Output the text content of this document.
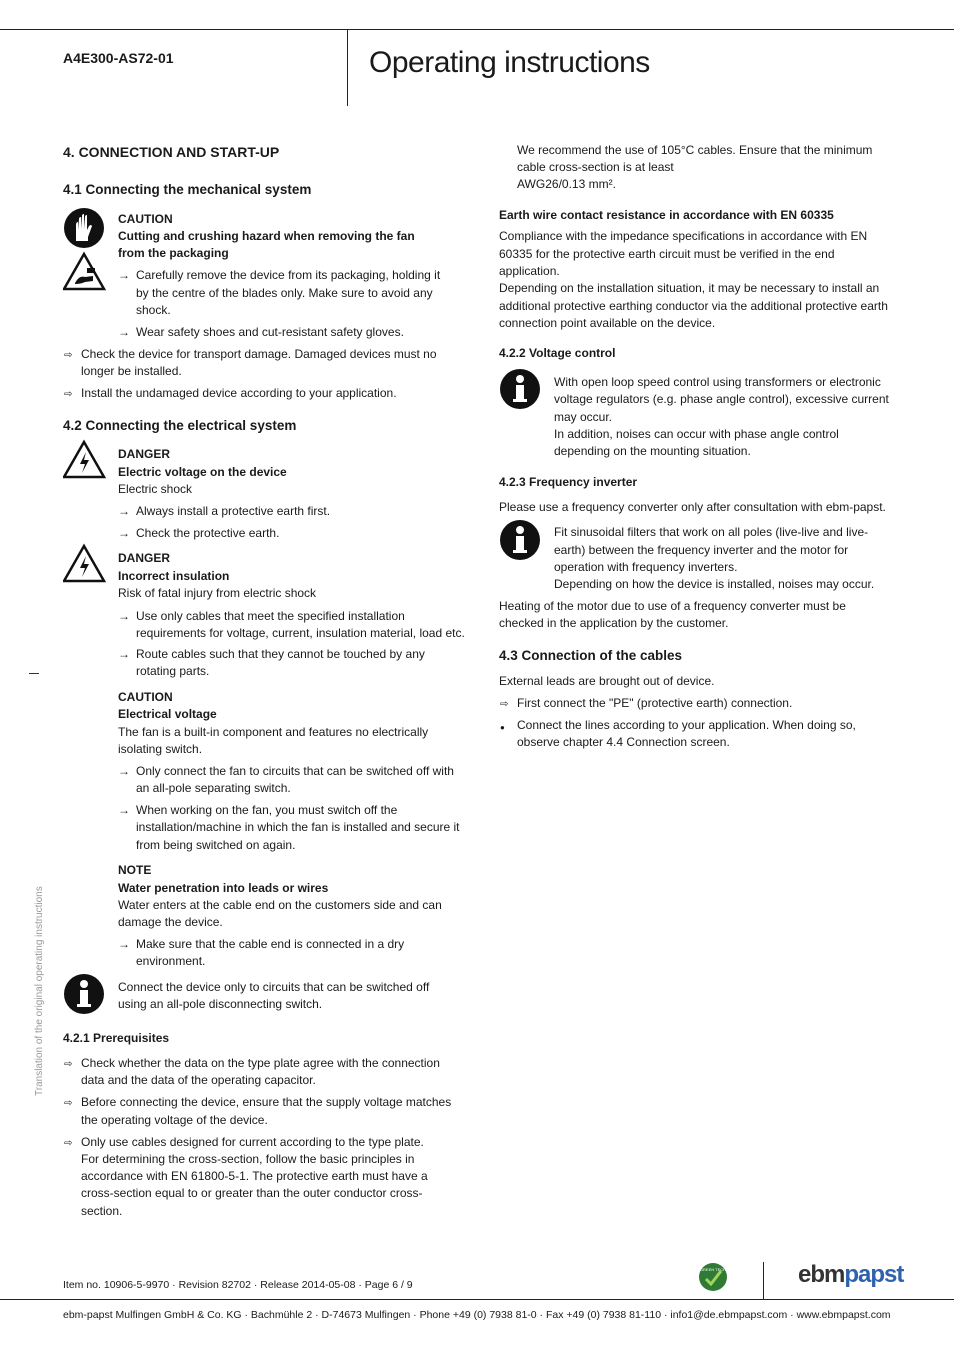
A4E300-AS72-01	Operating instructions
Translation of the original operating instructions
4. CONNECTION AND START-UP
4.1 Connecting the mechanical system
CAUTION
Cutting and crushing hazard when removing the fan
from the packaging
→ Carefully remove the device from its packaging, holding it
by the centre of the blades only. Make sure to avoid any
shock.
→ Wear safety shoes and cut-resistant safety gloves.
⇨ Check the device for transport damage. Damaged devices must no
longer be installed.
⇨ Install the undamaged device according to your application.
4.2 Connecting the electrical system
DANGER
Electric voltage on the device
Electric shock
→ Always install a protective earth first.
→ Check the protective earth.
DANGER
Incorrect insulation
Risk of fatal injury from electric shock
→ Use only cables that meet the specified installation
requirements for voltage, current, insulation material, load etc.
→ Route cables such that they cannot be touched by any
rotating parts.
CAUTION
Electrical voltage
The fan is a built-in component and features no electrically
isolating switch.
→ Only connect the fan to circuits that can be switched off with
an all-pole separating switch.
→ When working on the fan, you must switch off the
installation/machine in which the fan is installed and secure it
from being switched on again.
NOTE
Water penetration into leads or wires
Water enters at the cable end on the customers side and can
damage the device.
→ Make sure that the cable end is connected in a dry
environment.
Connect the device only to circuits that can be switched off
using an all-pole disconnecting switch.
4.2.1 Prerequisites
⇨ Check whether the data on the type plate agree with the connection
data and the data of the operating capacitor.
⇨ Before connecting the device, ensure that the supply voltage matches
the operating voltage of the device.
⇨ Only use cables designed for current according to the type plate.
For determining the cross-section, follow the basic principles in
accordance with EN 61800-5-1. The protective earth must have a
cross-section equal to or greater than the outer conductor cross-
section.
We recommend the use of 105°C cables. Ensure that the minimum
cable cross-section is at least
AWG26/0.13 mm².
Earth wire contact resistance in accordance with EN 60335
Compliance with the impedance specifications in accordance with EN
60335 for the protective earth circuit must be verified in the end
application.
Depending on the installation situation, it may be necessary to install an
additional protective earthing conductor via the additional protective earth
connection point available on the device.
4.2.2 Voltage control
With open loop speed control using transformers or electronic
voltage regulators (e.g. phase angle control), excessive current
may occur.
In addition, noises can occur with phase angle control
depending on the mounting situation.
4.2.3 Frequency inverter
Please use a frequency converter only after consultation with ebm-papst.
Fit sinusoidal filters that work on all poles (live-live and live-
earth) between the frequency inverter and the motor for
operation with frequency inverters.
Depending on how the device is installed, noises may occur.
Heating of the motor due to use of a frequency converter must be
checked in the application by the customer.
4.3 Connection of the cables
External leads are brought out of device.
⇨ First connect the "PE" (protective earth) connection.
● Connect the lines according to your application. When doing so,
observe chapter 4.4 Connection screen.
Item no. 10906-5-9970 · Revision 82702 · Release 2014-05-08 · Page 6 / 9
GREEN TECH	ebmpapst
ebm-papst Mulfingen GmbH & Co. KG · Bachmühle 2 · D-74673 Mulfingen · Phone +49 (0) 7938 81-0 · Fax +49 (0) 7938 81-110 · info1@de.ebmpapst.com · www.ebmpapst.com
